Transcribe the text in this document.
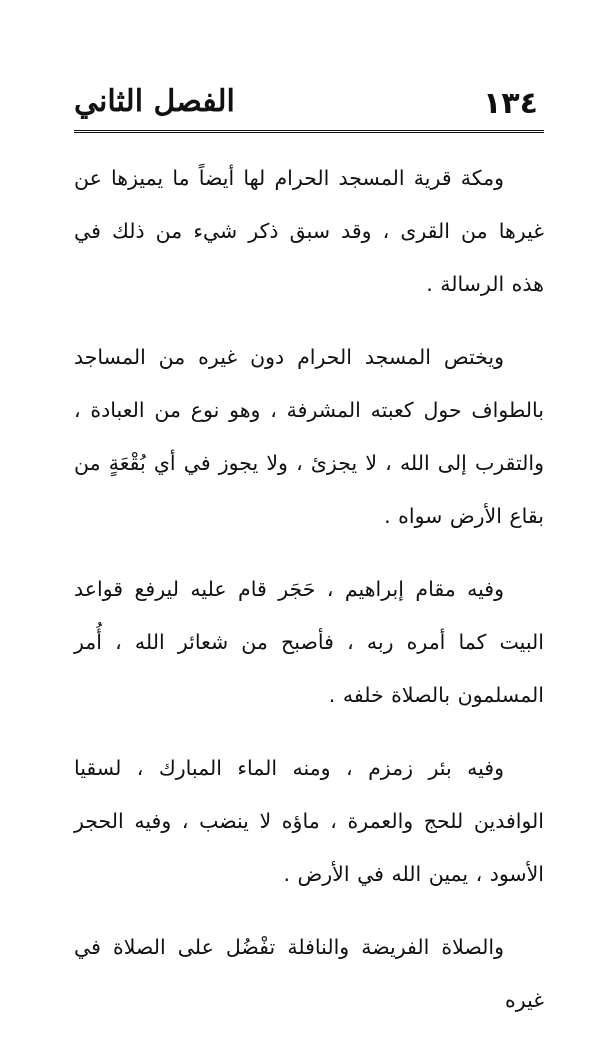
١٣٤
الفصل الثاني

ومكة قرية المسجد الحرام لها أيضاً ما يميزها عن غيرها من القرى ، وقد سبق ذكر شيء من ذلك في هذه الرسالة .

ويختص المسجد الحرام دون غيره من المساجد بالطواف حول كعبته المشرفة ، وهو نوع من العبادة ، والتقرب إلى الله ، لا يجزئ ، ولا يجوز في أي بُقْعَةٍ من بقاع الأرض سواه .

وفيه مقام إبراهيم ، حَجَر قام عليه ليرفع قواعد البيت كما أمره ربه ، فأصبح من شعائر الله ، أُمر المسلمون بالصلاة خلفه .

وفيه بئر زمزم ، ومنه الماء المبارك ، لسقيا الوافدين للحج والعمرة ، ماؤه لا ينضب ، وفيه الحجر الأسود ، يمين الله في الأرض .

والصلاة الفريضة والنافلة تفْضُل على الصلاة في غيره
